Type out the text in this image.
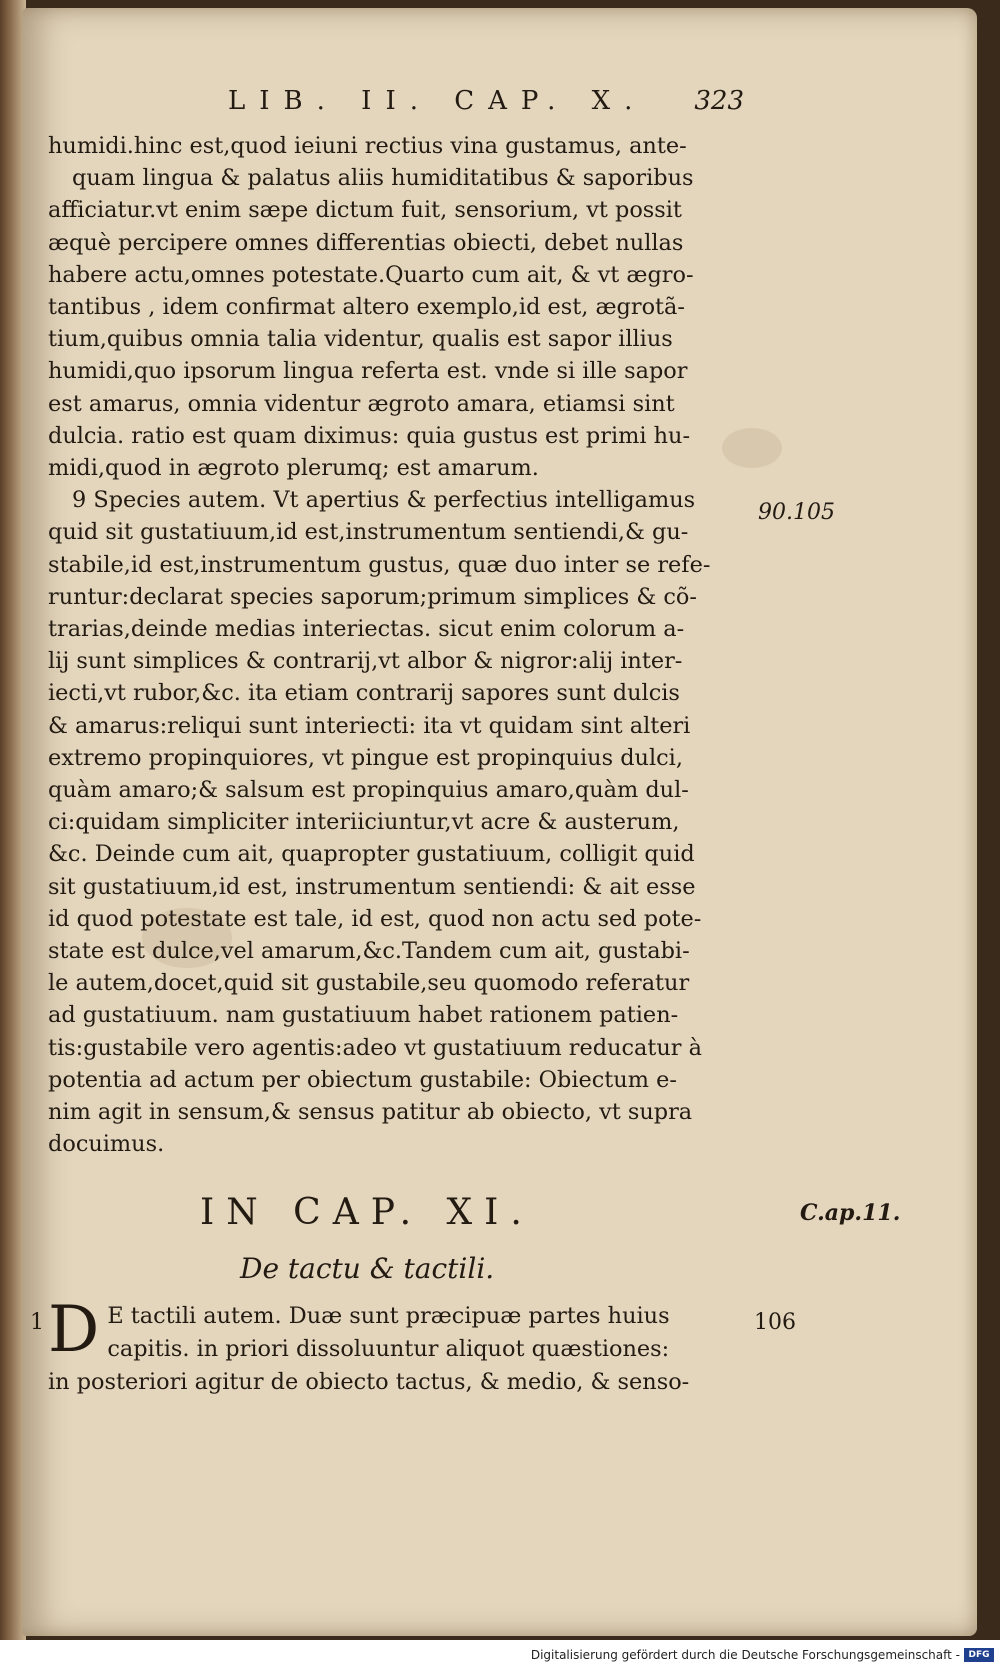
LIB. II. CAP. X. 323

humidi.hinc est,quod ieiuni rectius vina gustamus, ante-

quam lingua & palatus aliis humiditatibus & saporibus

afficiatur.vt enim sæpe dictum fuit, sensorium, vt possit

æquè percipere omnes differentias obiecti, debet nullas

habere actu,omnes potestate.Quarto cum ait, & vt ægro-

tantibus , idem confirmat altero exemplo,id est, ægrotã-

tium,quibus omnia talia videntur, qualis est sapor illius

humidi,quo ipsorum lingua referta est. vnde si ille sapor

est amarus, omnia videntur ægroto amara, etiamsi sint

dulcia. ratio est quam diximus: quia gustus est primi hu-

midi,quod in ægroto plerumq; est amarum.

9 Species autem. Vt apertius & perfectius intelligamus

quid sit gustatiuum,id est,instrumentum sentiendi,& gu-

stabile,id est,instrumentum gustus, quæ duo inter se refe-

runtur:declarat species saporum;primum simplices & cõ-

trarias,deinde medias interiectas. sicut enim colorum a-

lij sunt simplices & contrarij,vt albor & nigror:alij inter-

iecti,vt rubor,&c. ita etiam contrarij sapores sunt dulcis

& amarus:reliqui sunt interiecti: ita vt quidam sint alteri

extremo propinquiores, vt pingue est propinquius dulci,

quàm amaro;& salsum est propinquius amaro,quàm dul-

ci:quidam simpliciter interiiciuntur,vt acre & austerum,

&c. Deinde cum ait, quapropter gustatiuum, colligit quid

sit gustatiuum,id est, instrumentum sentiendi: & ait esse

id quod potestate est tale, id est, quod non actu sed pote-

state est dulce,vel amarum,&c.Tandem cum ait, gustabi-

le autem,docet,quid sit gustabile,seu quomodo referatur

ad gustatiuum. nam gustatiuum habet rationem patien-

tis:gustabile vero agentis:adeo vt gustatiuum reducatur à

potentia ad actum per obiectum gustabile: Obiectum e-

nim agit in sensum,& sensus patitur ab obiecto, vt supra

docuimus.

90.105
IN CAP. XI.	C.ap.11.
De tactu & tactili.
1	106
D E tactili autem. Duæ sunt præcipuæ partes huius

capitis. in priori dissoluuntur aliquot quæstiones:

in posteriori agitur de obiecto tactus, & medio, & senso-

Digitalisierung gefördert durch die Deutsche Forschungsgemeinschaft - DFG
